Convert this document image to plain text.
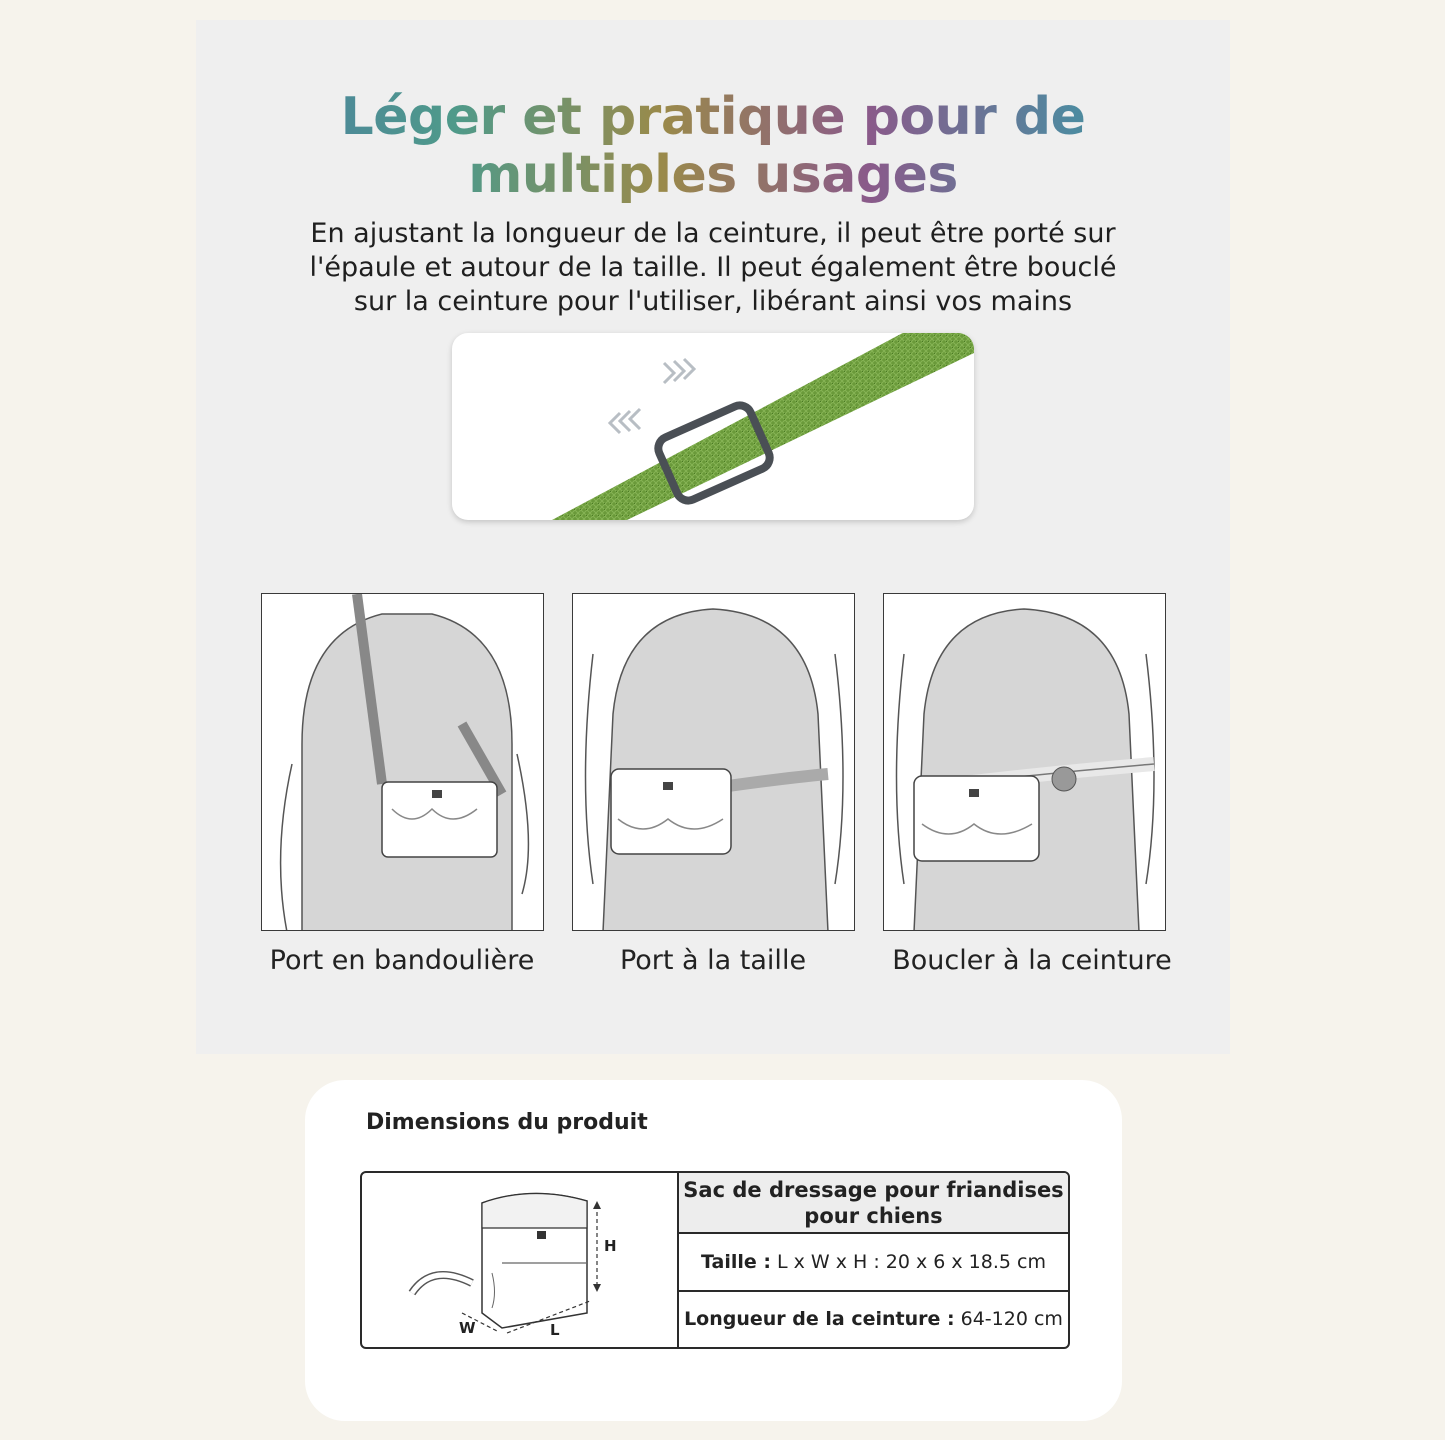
Léger et pratique pour de
multiples usages
En ajustant la longueur de la ceinture, il peut être porté sur
l'épaule et autour de la taille. Il peut également être bouclé
sur la ceinture pour l'utiliser, libérant ainsi vos mains
Port en bandoulière	Port à la taille	Boucler à la ceinture
Dimensions du produit
H
L
W
Sac de dressage pour friandises
pour chiens
Taille : L x W x H : 20 x 6 x 18.5 cm
Longueur de la ceinture : 64-120 cm
